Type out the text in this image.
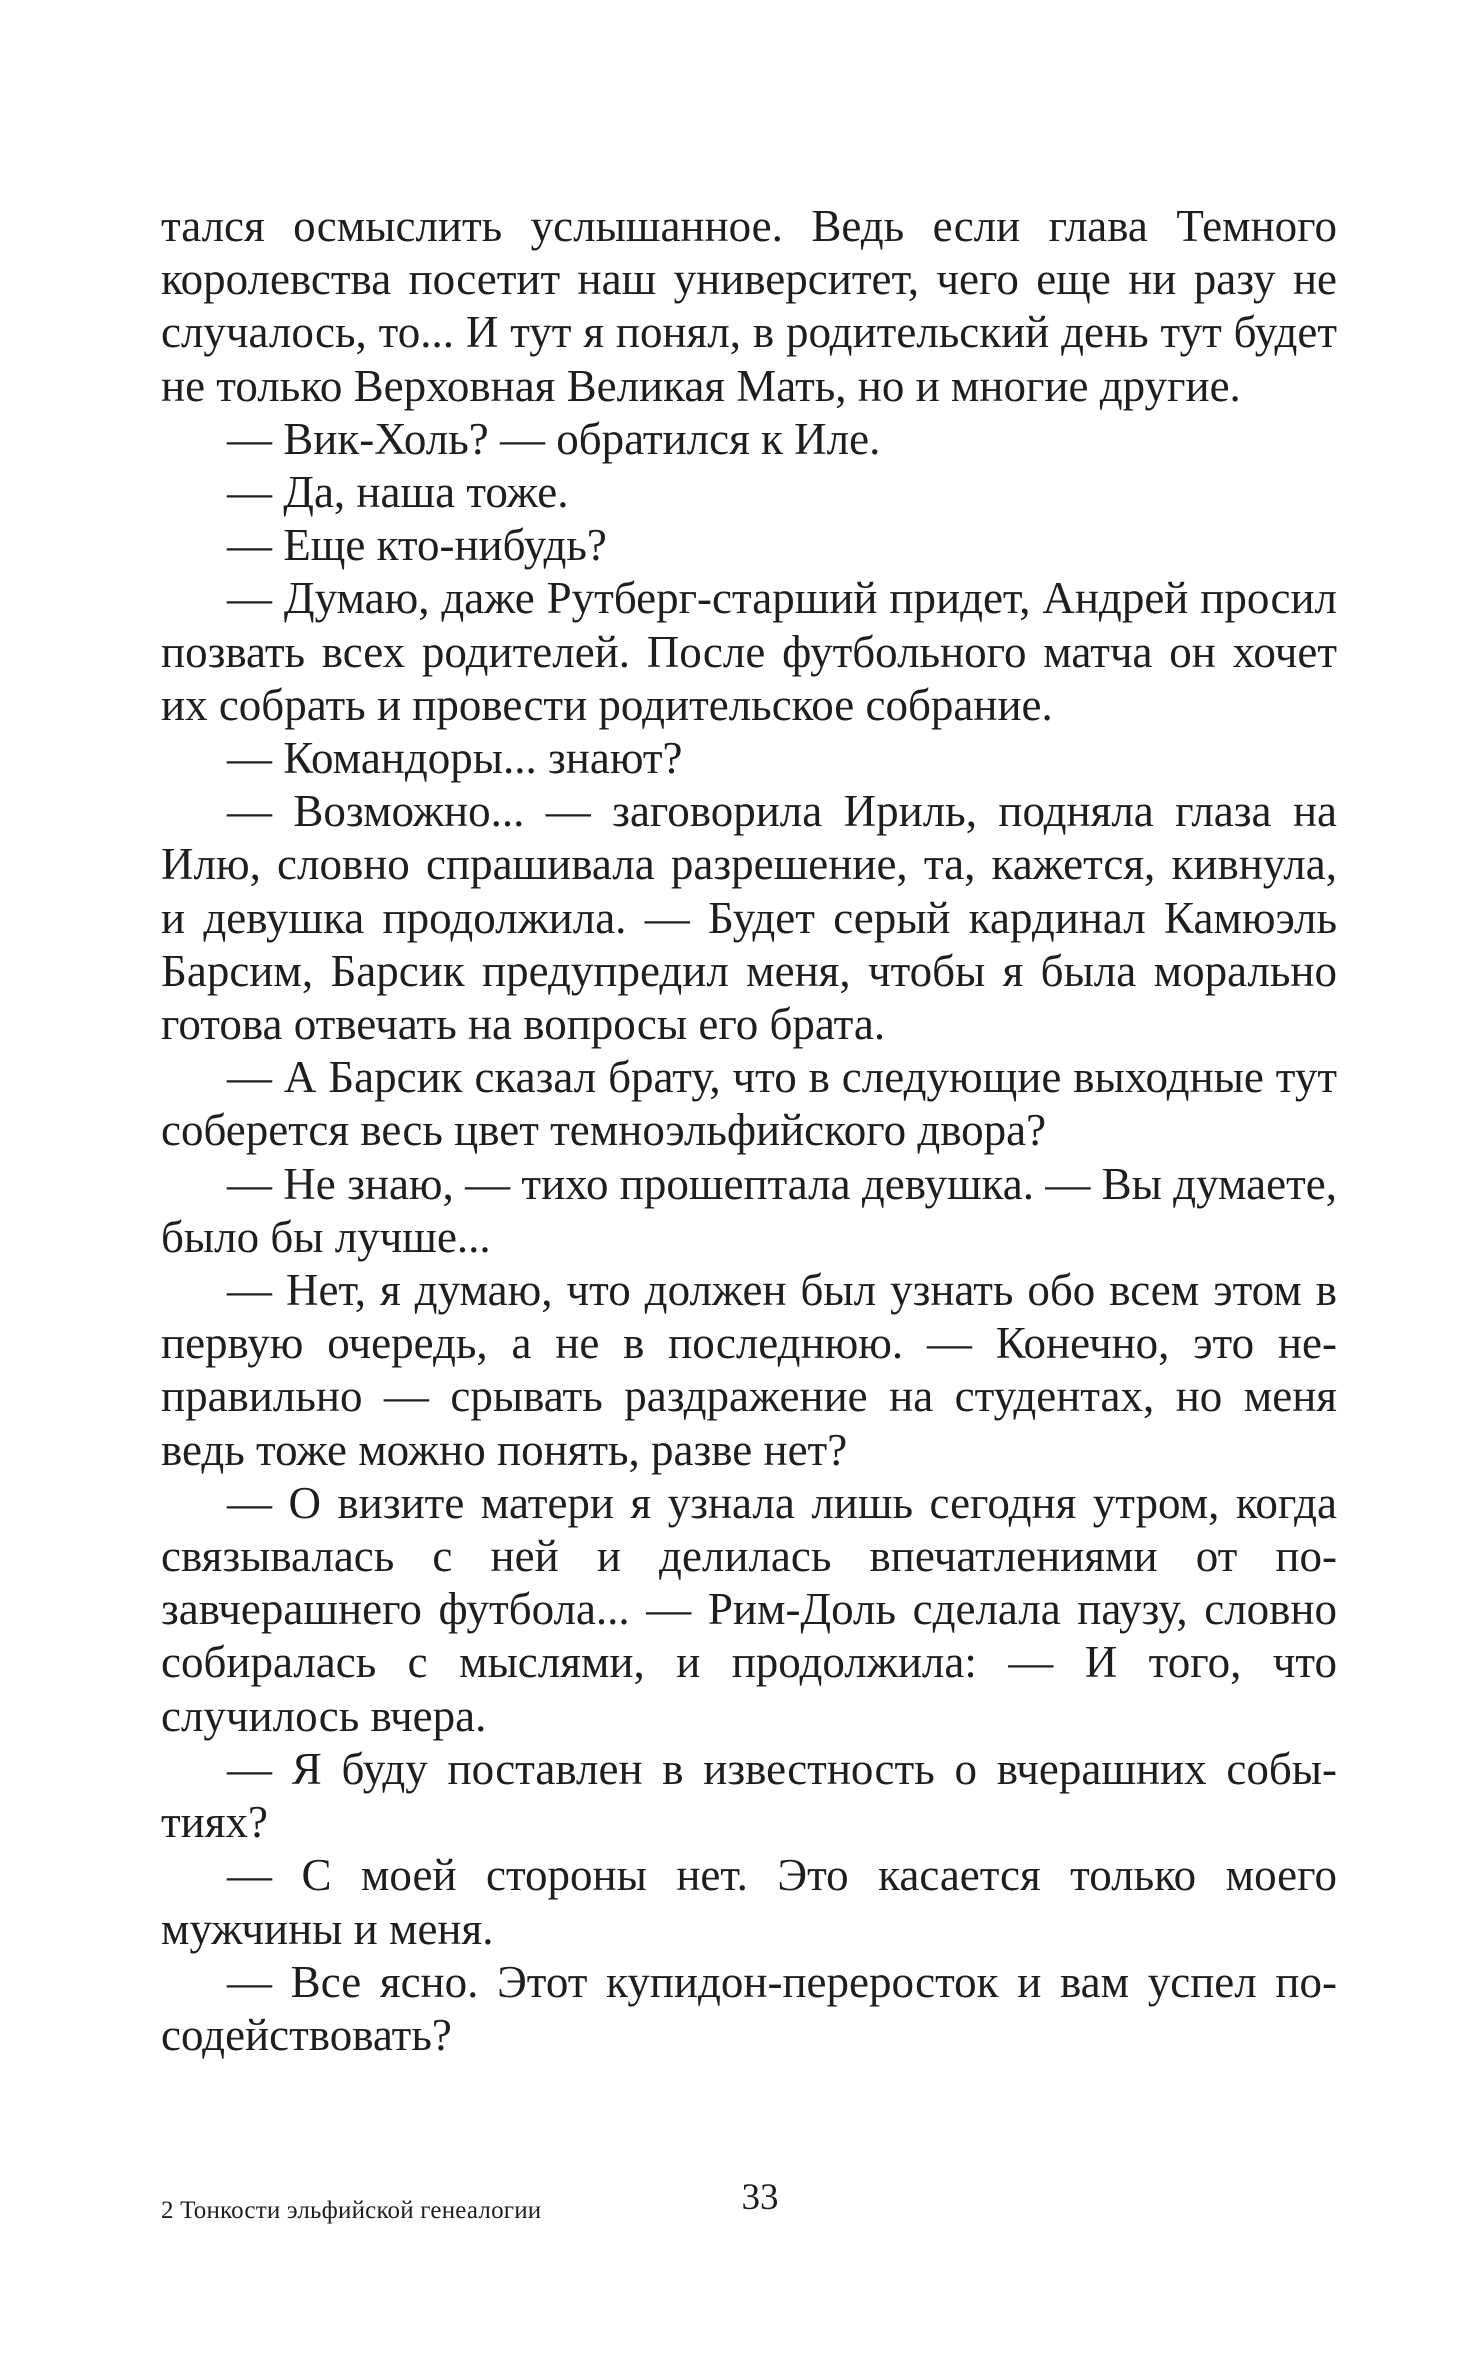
тался осмыслить услышанное. Ведь если глава Темного королевства посетит наш университет, чего еще ни разу не случалось, то... И тут я понял, в родительский день тут будет не только Верховная Великая Мать, но и многие другие.

— Вик-Холь? — обратился к Иле.

— Да, наша тоже.

— Еще кто-нибудь?

— Думаю, даже Рутберг-старший придет, Андрей просил позвать всех родителей. После футбольного матча он хочет их собрать и провести родительское собрание.

— Командоры... знают?

— Возможно... — заговорила Ириль, подняла глаза на Илю, словно спрашивала разрешение, та, кажется, кивнула, и девушка продолжила. — Будет серый кардинал Камюэль Барсим, Барсик предупредил меня, чтобы я была морально готова отвечать на вопросы его брата.

— А Барсик сказал брату, что в следующие выходные тут соберется весь цвет темноэльфийского двора?

— Не знаю, — тихо прошептала девушка. — Вы думаете, было бы лучше...

— Нет, я думаю, что должен был узнать обо всем этом в первую очередь, а не в последнюю. — Конечно, это неправильно — срывать раздражение на студентах, но меня ведь тоже можно понять, разве нет?

— О визите матери я узнала лишь сегодня утром, когда связывалась с ней и делилась впечатлениями от позавчерашнего футбола... — Рим-Доль сделала паузу, словно собиралась с мыслями, и продолжила: — И того, что случилось вчера.

— Я буду поставлен в известность о вчерашних событиях?

— С моей стороны нет. Это касается только моего мужчины и меня.

— Все ясно. Этот купидон-переросток и вам успел посодействовать?

2 Тонкости эльфийской генеалогии	33
